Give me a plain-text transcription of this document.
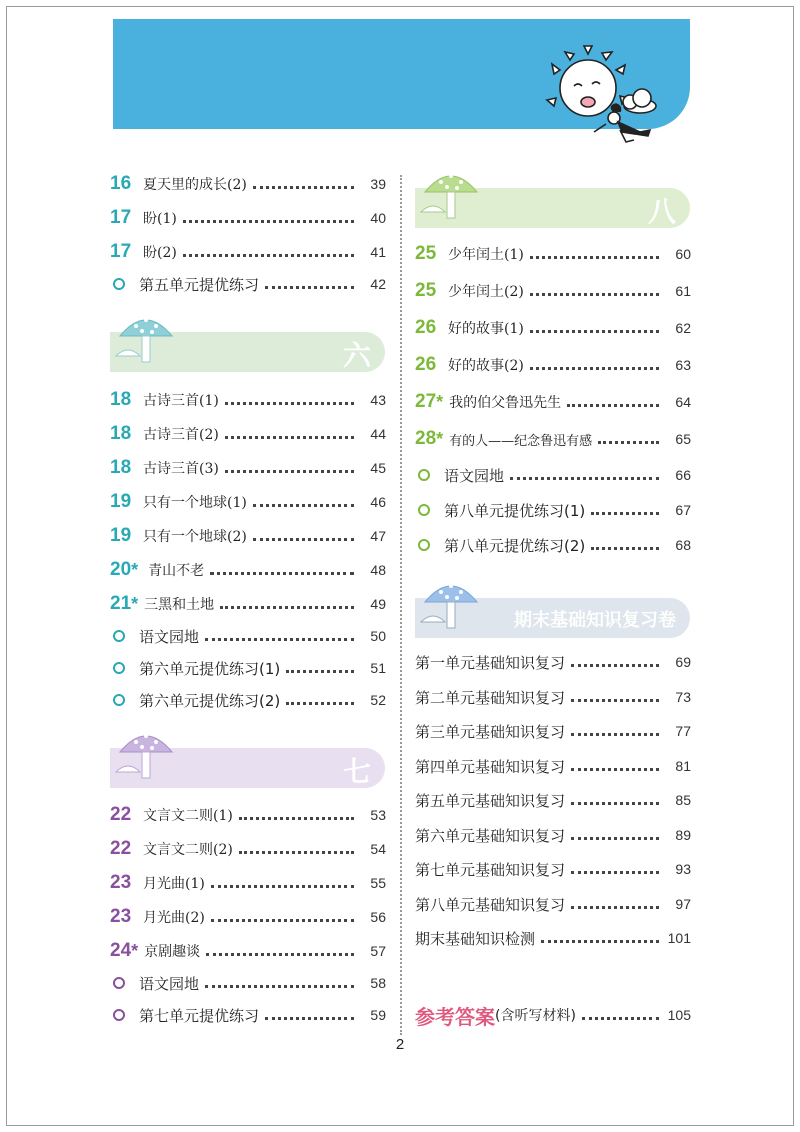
16 夏天里的成长(2)	39
17 盼(1)	40
17 盼(2)	41
第五单元提优练习	42
六
18 古诗三首(1)	43
18 古诗三首(2)	44
18 古诗三首(3)	45
19 只有一个地球(1)	46
19 只有一个地球(2)	47
20 * 青山不老	48
21 * 三黑和土地	49
语文园地	50
第六单元提优练习(1)	51
第六单元提优练习(2)	52
七
22 文言文二则(1)	53
22 文言文二则(2)	54
23 月光曲(1)	55
23 月光曲(2)	56
24 * 京剧趣谈	57
语文园地	58
第七单元提优练习	59
八
25 少年闰土(1)	60
25 少年闰土(2)	61
26 好的故事(1)	62
26 好的故事(2)	63
27 * 我的伯父鲁迅先生	64
28 * 有的人——纪念鲁迅有感	65
语文园地	66
第八单元提优练习(1)	67
第八单元提优练习(2)	68
期末基础知识复习卷
第一单元基础知识复习	69
第二单元基础知识复习	73
第三单元基础知识复习	77
第四单元基础知识复习	81
第五单元基础知识复习	85
第六单元基础知识复习	89
第七单元基础知识复习	93
第八单元基础知识复习	97
期末基础知识检测	101
参考答案 (含听写材料)	105
2
